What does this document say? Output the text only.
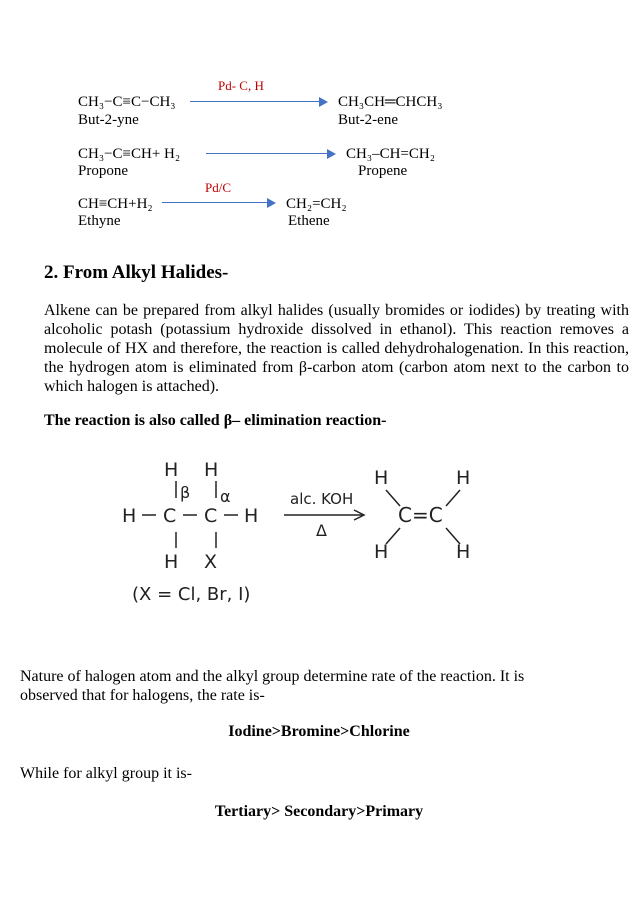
Pd- C, H
CH₃−C≡C−CH₃	CH₃CH═CHCH₃
But-2-yne	But-2-ene
CH₃−C≡CH+ H₂	CH₃–CH=CH₂
Propone	Propene
Pd/C
CH≡CH+H₂	CH₂=CH₂
Ethyne	Ethene
2. From Alkyl Halides-

Alkene can be prepared from alkyl halides (usually bromides or iodides) by treating with alcoholic potash (potassium hydroxide dissolved in ethanol). This reaction removes a molecule of HX and therefore, the reaction is called dehydrohalogenation. In this reaction, the hydrogen atom is eliminated from β-carbon atom (carbon atom next to the carbon to which halogen is attached).

The reaction is also called β– elimination reaction-

H H
β α
H C C H
H X
alc. KOH
Δ
H	H
C=C
H	H
(X = Cl, Br, I)

Nature of halogen atom and the alkyl group determine rate of the reaction. It is observed that for halogens, the rate is-

Iodine>Bromine>Chlorine
While for alkyl group it is-
Tertiary> Secondary>Primary
